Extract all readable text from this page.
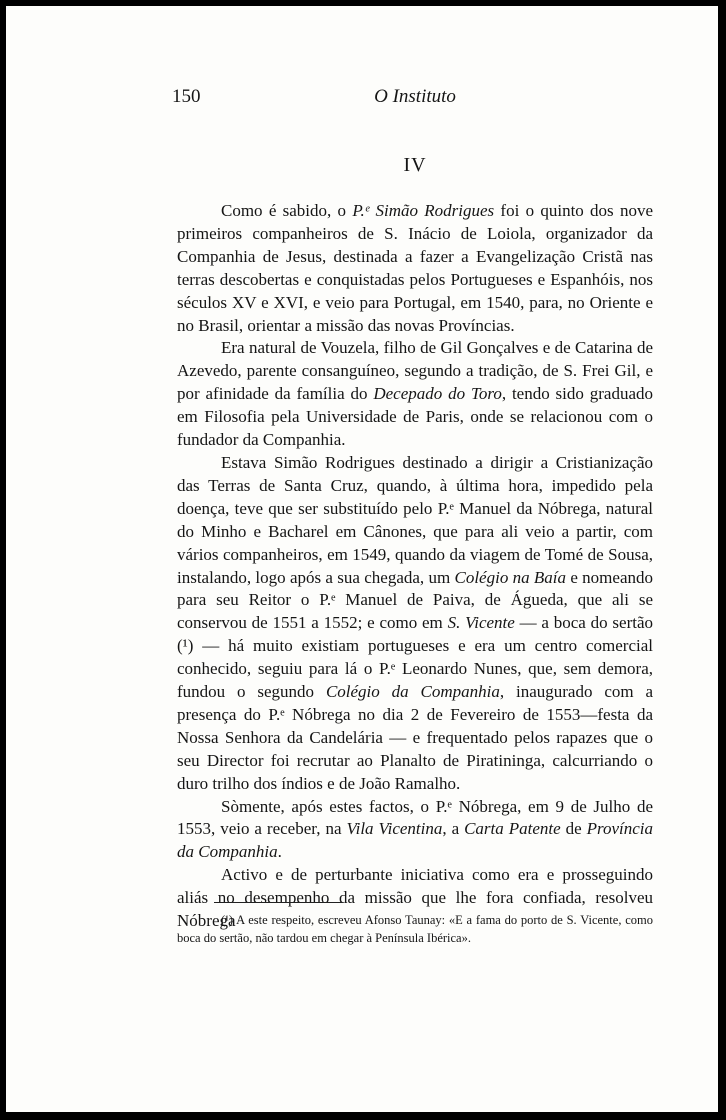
150	O Instituto
IV

Como é sabido, o P.ᵉ Simão Rodrigues foi o quinto dos nove primeiros companheiros de S. Inácio de Loiola, organizador da Companhia de Jesus, destinada a fazer a Evangelização Cristã nas terras descobertas e conquistadas pelos Portugueses e Espanhóis, nos séculos XV e XVI, e veio para Portugal, em 1540, para, no Oriente e no Brasil, orientar a missão das novas Províncias.

Era natural de Vouzela, filho de Gil Gonçalves e de Catarina de Azevedo, parente consanguíneo, segundo a tradição, de S. Frei Gil, e por afinidade da família do Decepado do Toro, tendo sido graduado em Filosofia pela Universidade de Paris, onde se relacionou com o fundador da Companhia.

Estava Simão Rodrigues destinado a dirigir a Cristianização das Terras de Santa Cruz, quando, à última hora, impedido pela doença, teve que ser substituído pelo P.ᵉ Manuel da Nóbrega, natural do Minho e Bacharel em Cânones, que para ali veio a partir, com vários companheiros, em 1549, quando da viagem de Tomé de Sousa, instalando, logo após a sua chegada, um Colégio na Baía e nomeando para seu Reitor o P.ᵉ Manuel de Paiva, de Águeda, que ali se conservou de 1551 a 1552; e como em S. Vicente — a boca do sertão (¹) — há muito existiam portugueses e era um centro comercial conhecido, seguiu para lá o P.ᵉ Leonardo Nunes, que, sem demora, fundou o segundo Colégio da Companhia, inaugurado com a presença do P.ᵉ Nóbrega no dia 2 de Fevereiro de 1553—festa da Nossa Senhora da Candelária — e frequentado pelos rapazes que o seu Director foi recrutar ao Planalto de Piratininga, calcurriando o duro trilho dos índios e de João Ramalho.

Sòmente, após estes factos, o P.ᵉ Nóbrega, em 9 de Julho de 1553, veio a receber, na Vila Vicentina, a Carta Patente de Província da Companhia.

Activo e de perturbante iniciativa como era e prosseguindo aliás no desempenho da missão que lhe fora confiada, resolveu Nóbrega

(¹) A este respeito, escreveu Afonso Taunay: «E a fama do porto de S. Vicente, como boca do sertão, não tardou em chegar à Península Ibérica».
